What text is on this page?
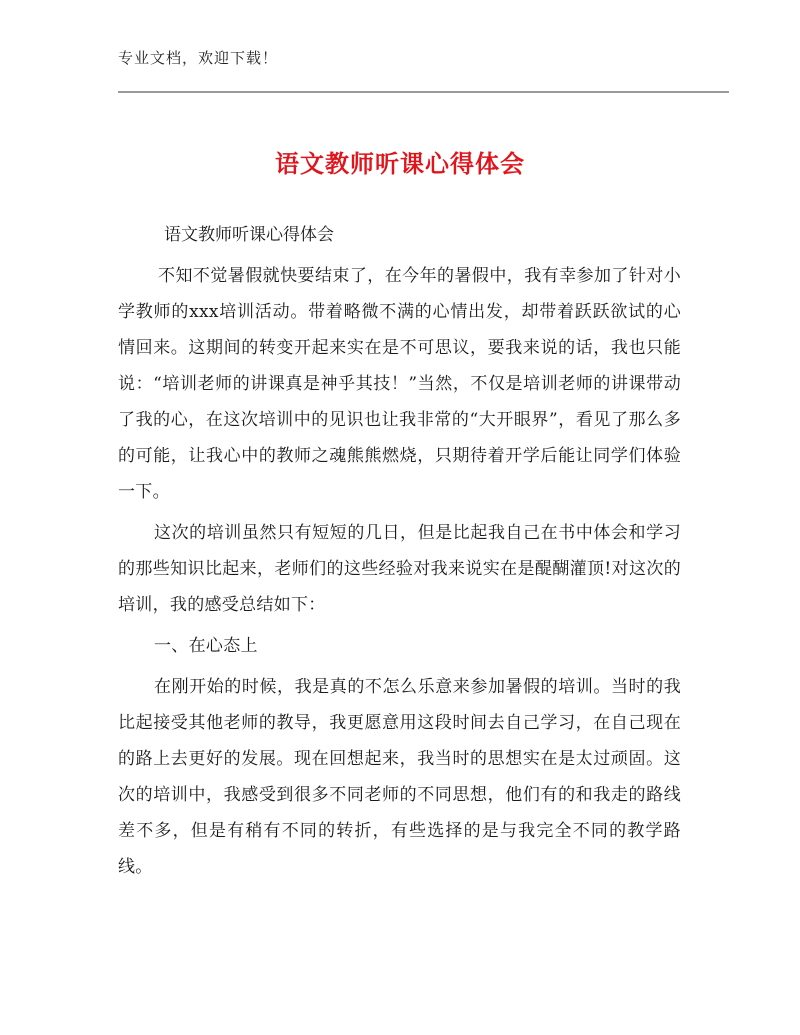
专业文档，欢迎下载！
语文教师听课心得体会
语文教师听课心得体会

不知不觉暑假就快要结束了，在今年的暑假中，我有幸参加了针对小学教师的xxx培训活动。带着略微不满的心情出发，却带着跃跃欲试的心情回来。这期间的转变开起来实在是不可思议，要我来说的话，我也只能说：“培训老师的讲课真是神乎其技！”当然，不仅是培训老师的讲课带动了我的心，在这次培训中的见识也让我非常的“大开眼界”，看见了那么多的可能，让我心中的教师之魂熊熊燃烧，只期待着开学后能让同学们体验一下。

这次的培训虽然只有短短的几日，但是比起我自己在书中体会和学习的那些知识比起来，老师们的这些经验对我来说实在是醍醐灌顶!对这次的培训，我的感受总结如下：

一、在心态上

在刚开始的时候，我是真的不怎么乐意来参加暑假的培训。当时的我比起接受其他老师的教导，我更愿意用这段时间去自己学习，在自己现在的路上去更好的发展。现在回想起来，我当时的思想实在是太过顽固。这次的培训中，我感受到很多不同老师的不同思想，他们有的和我走的路线差不多，但是有稍有不同的转折，有些选择的是与我完全不同的教学路线。
